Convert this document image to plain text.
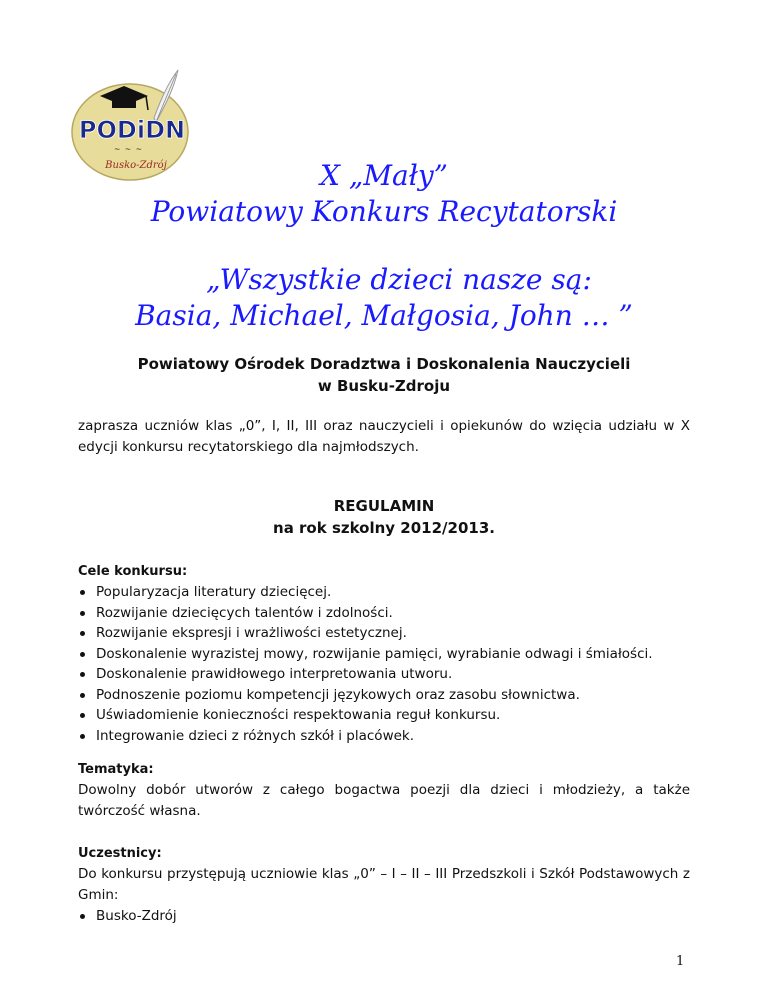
PODiDN
~ ~ ~
Busko-Zdrój	X „Mały”
Powiatowy Konkurs Recytatorski
„Wszystkie dzieci nasze są:
Basia, Michael, Małgosia, John … ”
Powiatowy Ośrodek Doradztwa i Doskonalenia Nauczycieli
w Busku-Zdroju
zaprasza uczniów klas „0”, I, II, III oraz nauczycieli i opiekunów do wzięcia udziału w X edycji konkursu recytatorskiego dla najmłodszych.
REGULAMIN
na rok szkolny 2012/2013.
Cele konkursu:
Popularyzacja literatury dziecięcej.
Rozwijanie dziecięcych talentów i zdolności.
Rozwijanie ekspresji i wrażliwości estetycznej.
Doskonalenie wyrazistej mowy, rozwijanie pamięci, wyrabianie odwagi i śmiałości.
Doskonalenie prawidłowego interpretowania utworu.
Podnoszenie poziomu kompetencji językowych oraz zasobu słownictwa.
Uświadomienie konieczności respektowania reguł konkursu.
Integrowanie dzieci z różnych szkół i placówek.
Tematyka:
Dowolny dobór utworów z całego bogactwa poezji dla dzieci i młodzieży, a także twórczość własna.
Uczestnicy:
Do konkursu przystępują uczniowie klas „0” – I – II – III Przedszkoli i Szkół Podstawowych z Gmin:
Busko-Zdrój
1
